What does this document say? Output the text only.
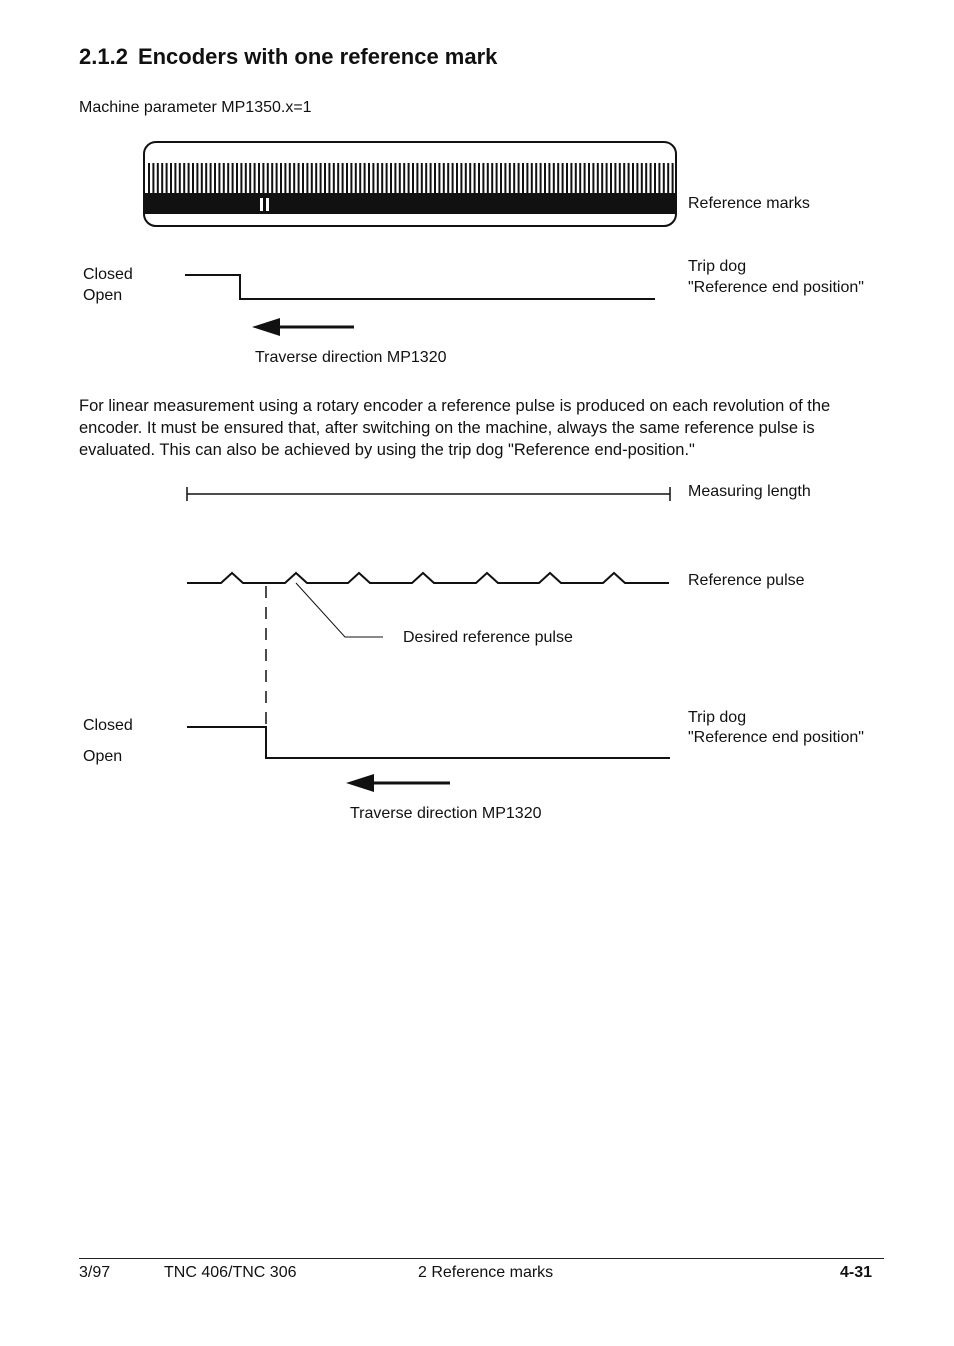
2.1.2 Encoders with one reference mark
Machine parameter MP1350.x=1
Reference marks
Closed
Open
Trip dog
"Reference end position"
Traverse direction MP1320
For linear measurement using a rotary encoder a reference pulse is produced on each revolution of the encoder. It must be ensured that, after switching on the machine, always the same reference pulse is evaluated. This can also be achieved by using the trip dog "Reference end-position."
Measuring length
Reference pulse
Desired reference pulse
Closed
Open
Trip dog
"Reference end position"
Traverse direction MP1320
3/97	TNC 406/TNC 306	2 Reference marks	4-31
